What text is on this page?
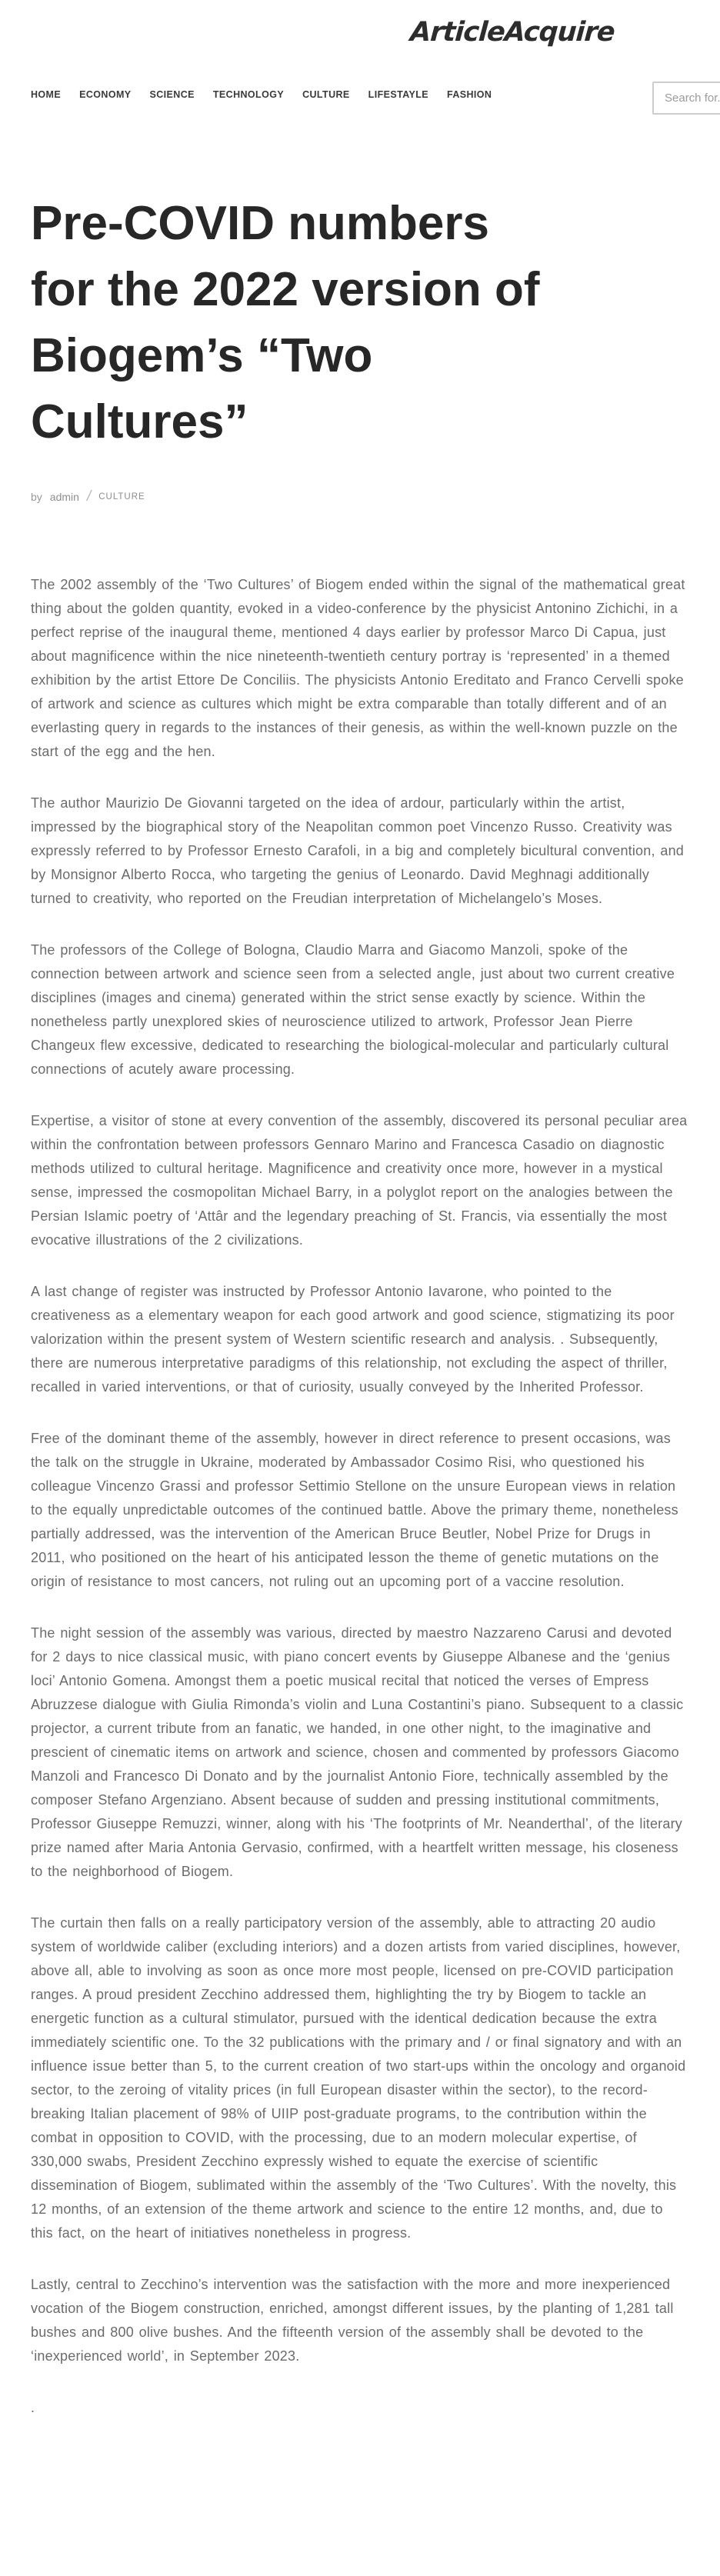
ArticleAcquire
HOME ECONOMY SCIENCE TECHNOLOGY CULTURE LIFESTAYLE FASHION
Search for...
Pre-COVID numbers
for the 2022 version of
Biogem’s “Two
Cultures”
by admin / CULTURE

The 2002 assembly of the ‘Two Cultures’ of Biogem ended within the signal of the mathematical great thing about the golden quantity, evoked in a video-conference by the physicist Antonino Zichichi, in a perfect reprise of the inaugural theme, mentioned 4 days earlier by professor Marco Di Capua, just about magnificence within the nice nineteenth-twentieth century portray is ‘represented’ in a themed exhibition by the artist Ettore De Conciliis. The physicists Antonio Ereditato and Franco Cervelli spoke of artwork and science as cultures which might be extra comparable than totally different and of an everlasting query in regards to the instances of their genesis, as within the well-known puzzle on the start of the egg and the hen.

The author Maurizio De Giovanni targeted on the idea of ardour, particularly within the artist, impressed by the biographical story of the Neapolitan common poet Vincenzo Russo. Creativity was expressly referred to by Professor Ernesto Carafoli, in a big and completely bicultural convention, and by Monsignor Alberto Rocca, who targeting the genius of Leonardo. David Meghnagi additionally turned to creativity, who reported on the Freudian interpretation of Michelangelo’s Moses.

The professors of the College of Bologna, Claudio Marra and Giacomo Manzoli, spoke of the connection between artwork and science seen from a selected angle, just about two current creative disciplines (images and cinema) generated within the strict sense exactly by science. Within the nonetheless partly unexplored skies of neuroscience utilized to artwork, Professor Jean Pierre Changeux flew excessive, dedicated to researching the biological-molecular and particularly cultural connections of acutely aware processing.

Expertise, a visitor of stone at every convention of the assembly, discovered its personal peculiar area within the confrontation between professors Gennaro Marino and Francesca Casadio on diagnostic methods utilized to cultural heritage. Magnificence and creativity once more, however in a mystical sense, impressed the cosmopolitan Michael Barry, in a polyglot report on the analogies between the Persian Islamic poetry of ‘Attâr and the legendary preaching of St. Francis, via essentially the most evocative illustrations of the 2 civilizations.

A last change of register was instructed by Professor Antonio Iavarone, who pointed to the creativeness as a elementary weapon for each good artwork and good science, stigmatizing its poor valorization within the present system of Western scientific research and analysis. . Subsequently, there are numerous interpretative paradigms of this relationship, not excluding the aspect of thriller, recalled in varied interventions, or that of curiosity, usually conveyed by the Inherited Professor.

Free of the dominant theme of the assembly, however in direct reference to present occasions, was the talk on the struggle in Ukraine, moderated by Ambassador Cosimo Risi, who questioned his colleague Vincenzo Grassi and professor Settimio Stellone on the unsure European views in relation to the equally unpredictable outcomes of the continued battle. Above the primary theme, nonetheless partially addressed, was the intervention of the American Bruce Beutler, Nobel Prize for Drugs in 2011, who positioned on the heart of his anticipated lesson the theme of genetic mutations on the origin of resistance to most cancers, not ruling out an upcoming port of a vaccine resolution.

The night session of the assembly was various, directed by maestro Nazzareno Carusi and devoted for 2 days to nice classical music, with piano concert events by Giuseppe Albanese and the ‘genius loci’ Antonio Gomena. Amongst them a poetic musical recital that noticed the verses of Empress Abruzzese dialogue with Giulia Rimonda’s violin and Luna Costantini’s piano. Subsequent to a classic projector, a current tribute from an fanatic, we handed, in one other night, to the imaginative and prescient of cinematic items on artwork and science, chosen and commented by professors Giacomo Manzoli and Francesco Di Donato and by the journalist Antonio Fiore, technically assembled by the composer Stefano Argenziano. Absent because of sudden and pressing institutional commitments, Professor Giuseppe Remuzzi, winner, along with his ‘The footprints of Mr. Neanderthal’, of the literary prize named after Maria Antonia Gervasio, confirmed, with a heartfelt written message, his closeness to the neighborhood of Biogem.

The curtain then falls on a really participatory version of the assembly, able to attracting 20 audio system of worldwide caliber (excluding interiors) and a dozen artists from varied disciplines, however, above all, able to involving as soon as once more most people, licensed on pre-COVID participation ranges. A proud president Zecchino addressed them, highlighting the try by Biogem to tackle an energetic function as a cultural stimulator, pursued with the identical dedication because the extra immediately scientific one. To the 32 publications with the primary and / or final signatory and with an influence issue better than 5, to the current creation of two start-ups within the oncology and organoid sector, to the zeroing of vitality prices (in full European disaster within the sector), to the record-breaking Italian placement of 98% of UIIP post-graduate programs, to the contribution within the combat in opposition to COVID, with the processing, due to an modern molecular expertise, of 330,000 swabs, President Zecchino expressly wished to equate the exercise of scientific dissemination of Biogem, sublimated within the assembly of the ‘Two Cultures’. With the novelty, this 12 months, of an extension of the theme artwork and science to the entire 12 months, and, due to this fact, on the heart of initiatives nonetheless in progress.

Lastly, central to Zecchino’s intervention was the satisfaction with the more and more inexperienced vocation of the Biogem construction, enriched, amongst different issues, by the planting of 1,281 tall bushes and 800 olive bushes. And the fifteenth version of the assembly shall be devoted to the ‘inexperienced world’, in September 2023.

.
